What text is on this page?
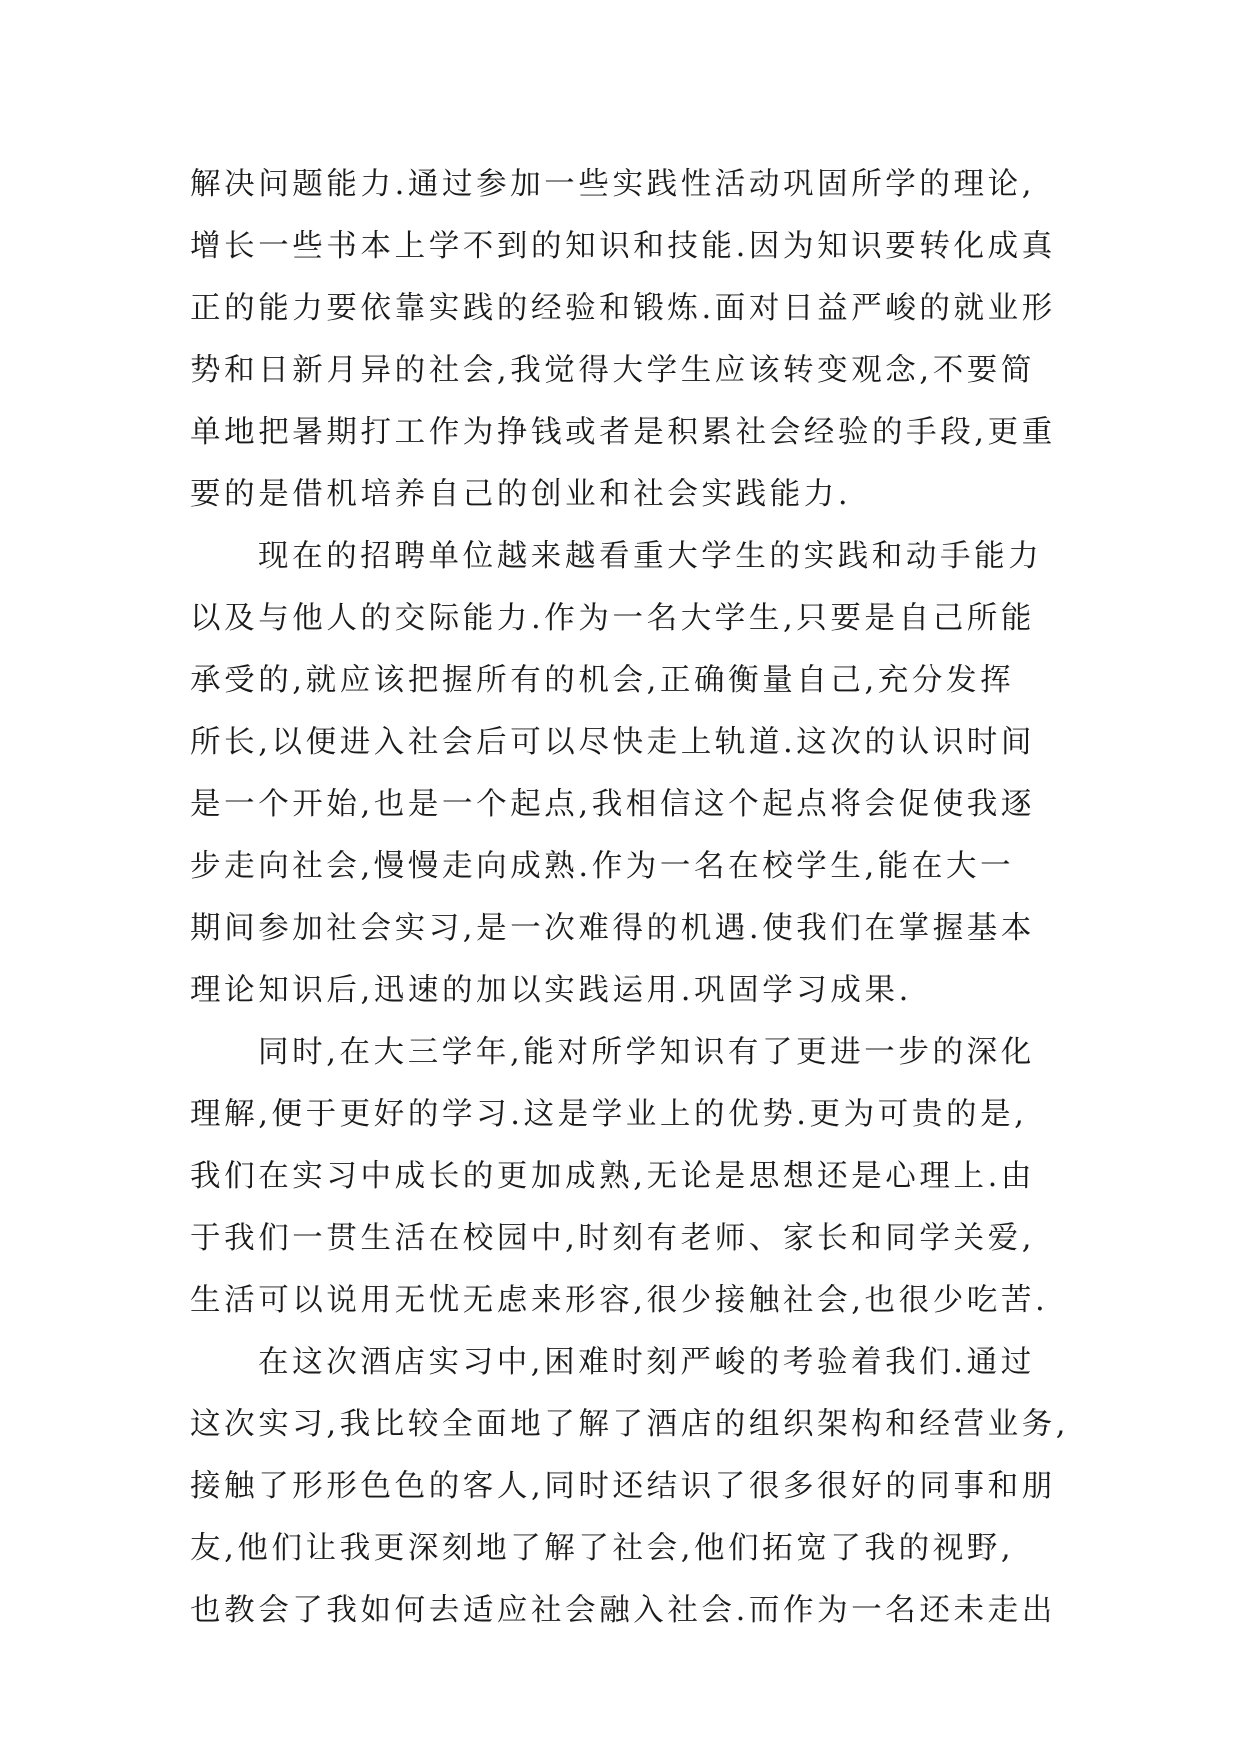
解决问题能力.通过参加一些实践性活动巩固所学的理论,
增长一些书本上学不到的知识和技能.因为知识要转化成真
正的能力要依靠实践的经验和锻炼.面对日益严峻的就业形
势和日新月异的社会,我觉得大学生应该转变观念,不要简
单地把暑期打工作为挣钱或者是积累社会经验的手段,更重
要的是借机培养自己的创业和社会实践能力.
现在的招聘单位越来越看重大学生的实践和动手能力
以及与他人的交际能力.作为一名大学生,只要是自己所能
承受的,就应该把握所有的机会,正确衡量自己,充分发挥
所长,以便进入社会后可以尽快走上轨道.这次的认识时间
是一个开始,也是一个起点,我相信这个起点将会促使我逐
步走向社会,慢慢走向成熟.作为一名在校学生,能在大一
期间参加社会实习,是一次难得的机遇.使我们在掌握基本
理论知识后,迅速的加以实践运用.巩固学习成果.
同时,在大三学年,能对所学知识有了更进一步的深化
理解,便于更好的学习.这是学业上的优势.更为可贵的是,
我们在实习中成长的更加成熟,无论是思想还是心理上.由
于我们一贯生活在校园中,时刻有老师、家长和同学关爱,
生活可以说用无忧无虑来形容,很少接触社会,也很少吃苦.
在这次酒店实习中,困难时刻严峻的考验着我们.通过
这次实习,我比较全面地了解了酒店的组织架构和经营业务,
接触了形形色色的客人,同时还结识了很多很好的同事和朋
友,他们让我更深刻地了解了社会,他们拓宽了我的视野,
也教会了我如何去适应社会融入社会.而作为一名还未走出
